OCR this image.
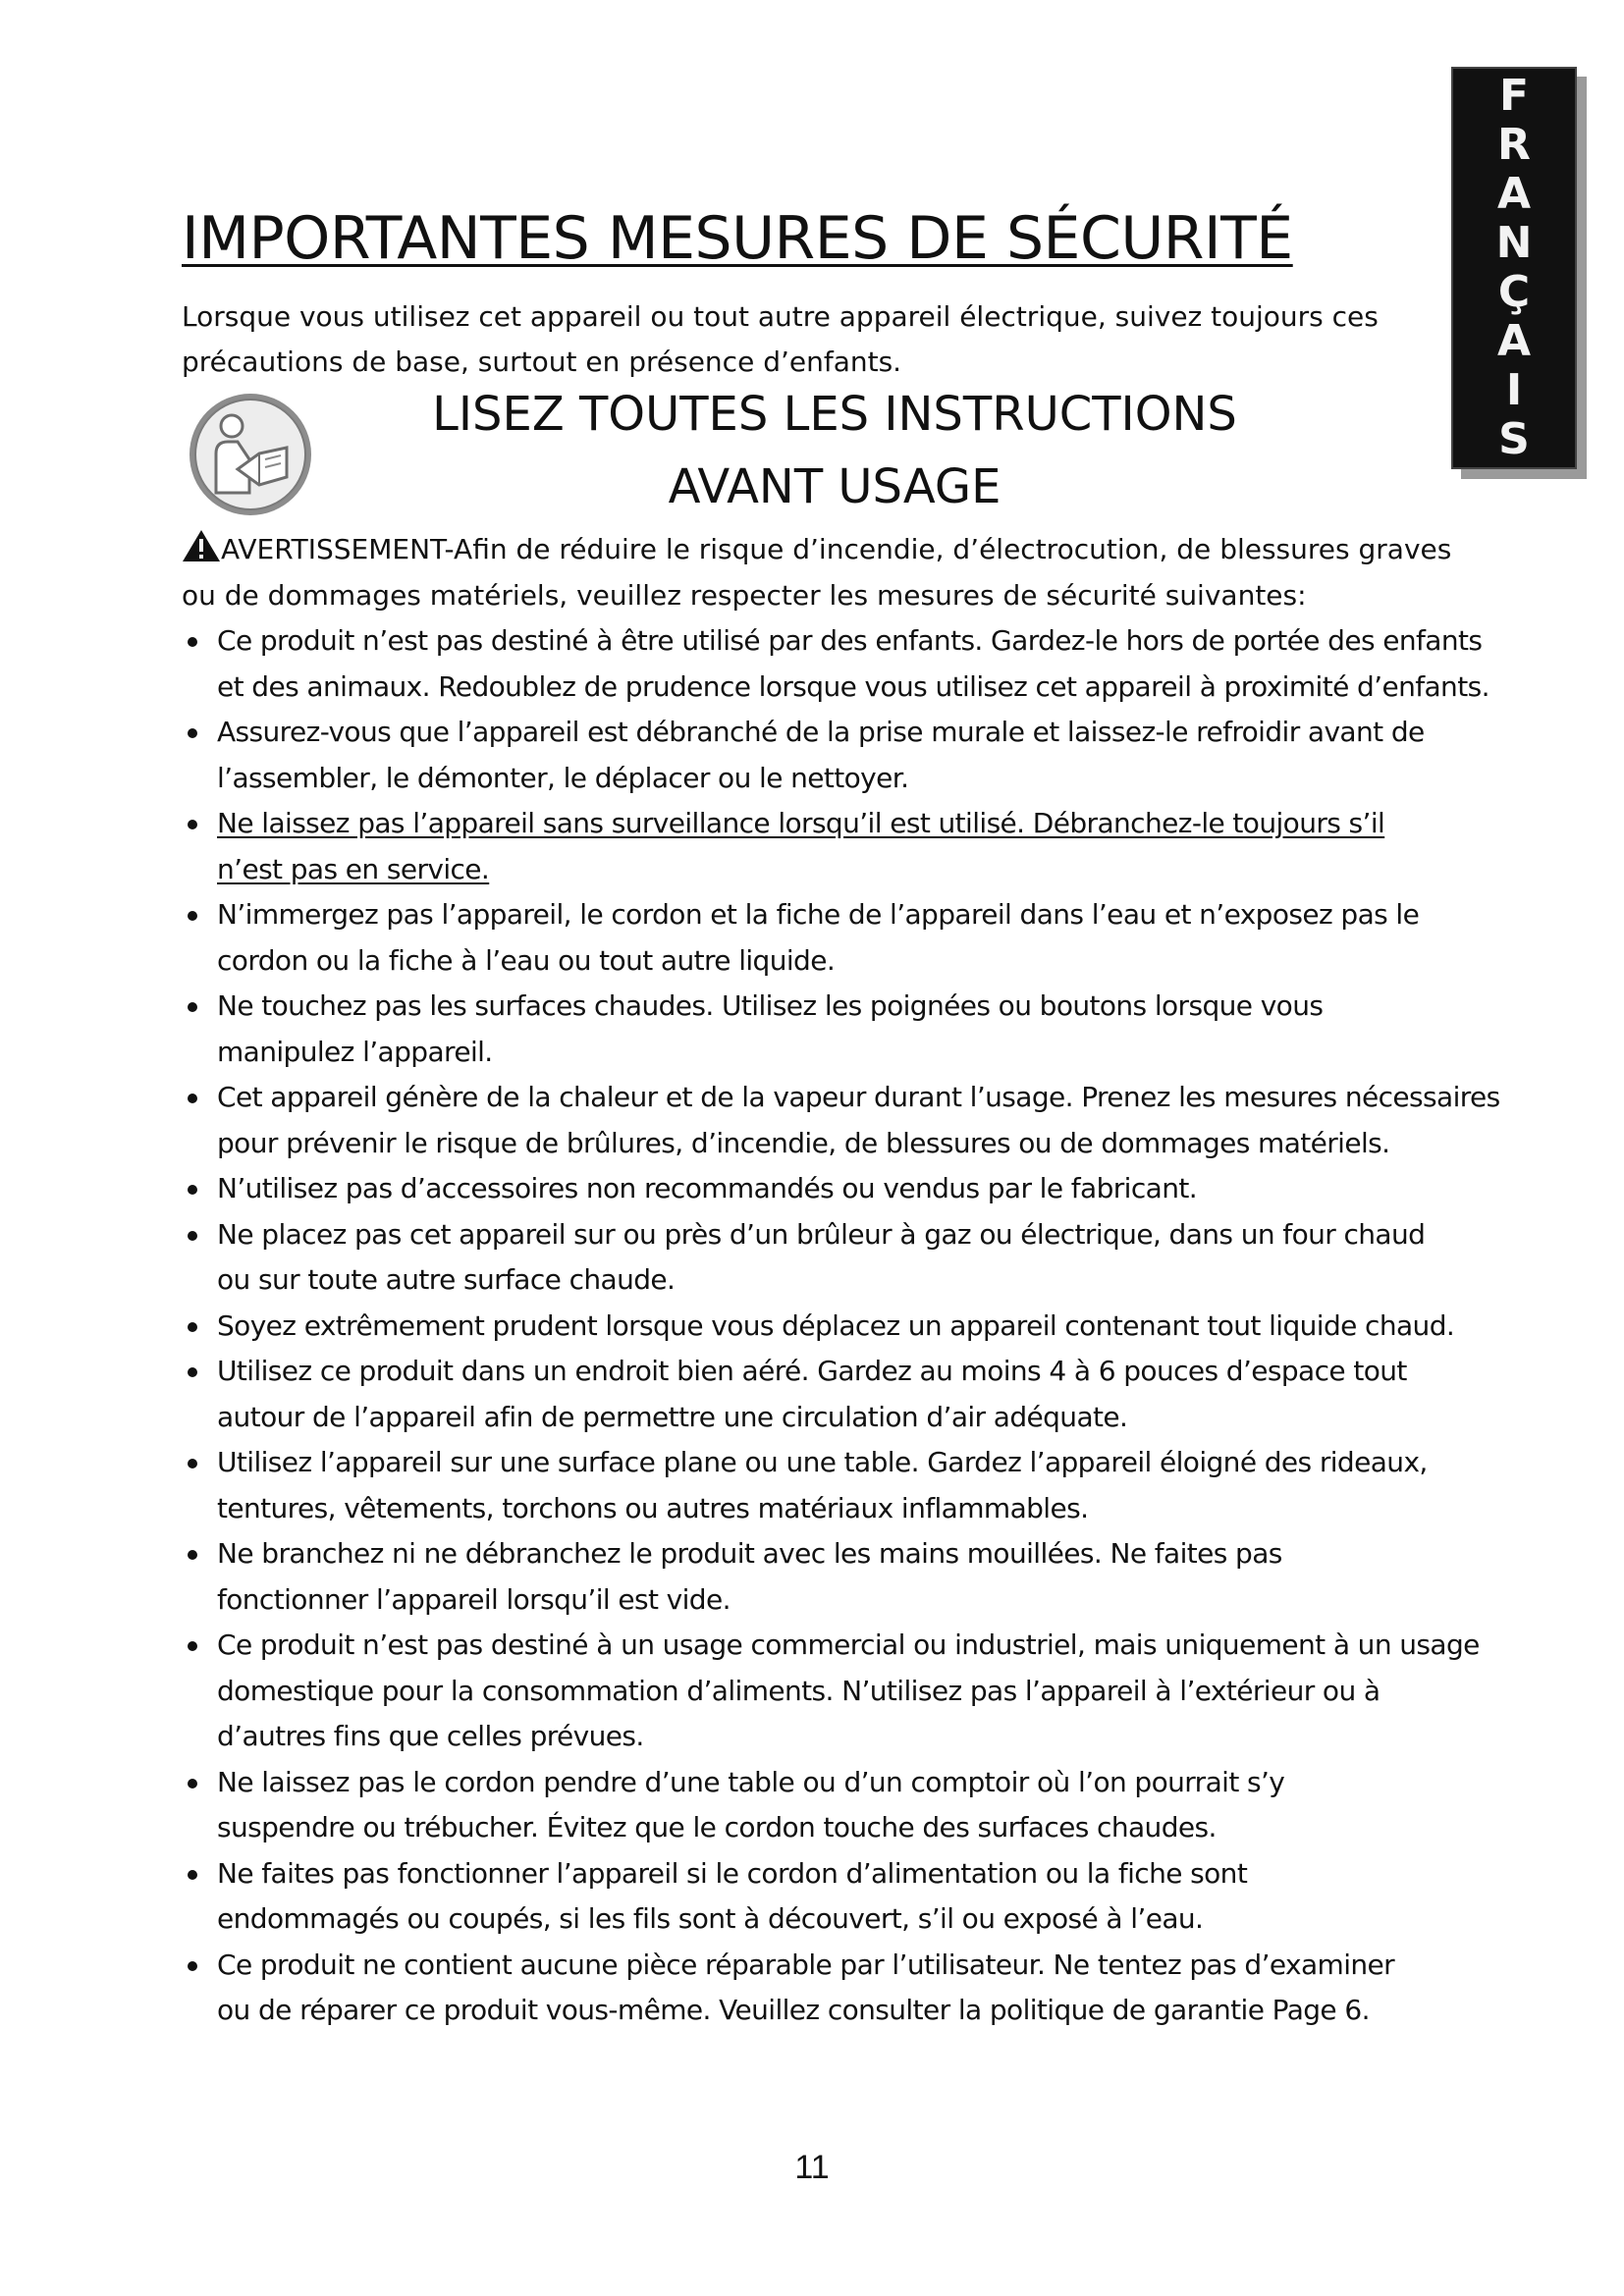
F
R
A
N
Ç
A
I
S
IMPORTANTES MESURES DE SÉCURITÉ

Lorsque vous utilisez cet appareil ou tout autre appareil électrique, suivez toujours ces précautions de base, surtout en présence d’enfants.

LISEZ TOUTES LES INSTRUCTIONS
AVANT USAGE

AVERTISSEMENT-Afin de réduire le risque d’incendie, d’électrocution, de blessures graves ou de dommages matériels, veuillez respecter les mesures de sécurité suivantes:

Ce produit n’est pas destiné à être utilisé par des enfants. Gardez-le hors de portée des enfants
et des animaux. Redoublez de prudence lorsque vous utilisez cet appareil à proximité d’enfants.
Assurez-vous que l’appareil est débranché de la prise murale et laissez-le refroidir avant de
l’assembler, le démonter, le déplacer ou le nettoyer.
Ne laissez pas l’appareil sans surveillance lorsqu’il est utilisé. Débranchez-le toujours s’il
n’est pas en service.
N’immergez pas l’appareil, le cordon et la fiche de l’appareil dans l’eau et n’exposez pas le
cordon ou la fiche à l’eau ou tout autre liquide.
Ne touchez pas les surfaces chaudes. Utilisez les poignées ou boutons lorsque vous
manipulez l’appareil.
Cet appareil génère de la chaleur et de la vapeur durant l’usage. Prenez les mesures nécessaires
pour prévenir le risque de brûlures, d’incendie, de blessures ou de dommages matériels.
N’utilisez pas d’accessoires non recommandés ou vendus par le fabricant.
Ne placez pas cet appareil sur ou près d’un brûleur à gaz ou électrique, dans un four chaud
ou sur toute autre surface chaude.
Soyez extrêmement prudent lorsque vous déplacez un appareil contenant tout liquide chaud.
Utilisez ce produit dans un endroit bien aéré. Gardez au moins 4 à 6 pouces d’espace tout
autour de l’appareil afin de permettre une circulation d’air adéquate.
Utilisez l’appareil sur une surface plane ou une table. Gardez l’appareil éloigné des rideaux,
tentures, vêtements, torchons ou autres matériaux inflammables.
Ne branchez ni ne débranchez le produit avec les mains mouillées. Ne faites pas
fonctionner l’appareil lorsqu’il est vide.
Ce produit n’est pas destiné à un usage commercial ou industriel, mais uniquement à un usage
domestique pour la consommation d’aliments. N’utilisez pas l’appareil à l’extérieur ou à
d’autres fins que celles prévues.
Ne laissez pas le cordon pendre d’une table ou d’un comptoir où l’on pourrait s’y
suspendre ou trébucher. Évitez que le cordon touche des surfaces chaudes.
Ne faites pas fonctionner l’appareil si le cordon d’alimentation ou la fiche sont
endommagés ou coupés, si les fils sont à découvert, s’il ou exposé à l’eau.
Ce produit ne contient aucune pièce réparable par l’utilisateur. Ne tentez pas d’examiner
ou de réparer ce produit vous-même. Veuillez consulter la politique de garantie Page 6.
11
